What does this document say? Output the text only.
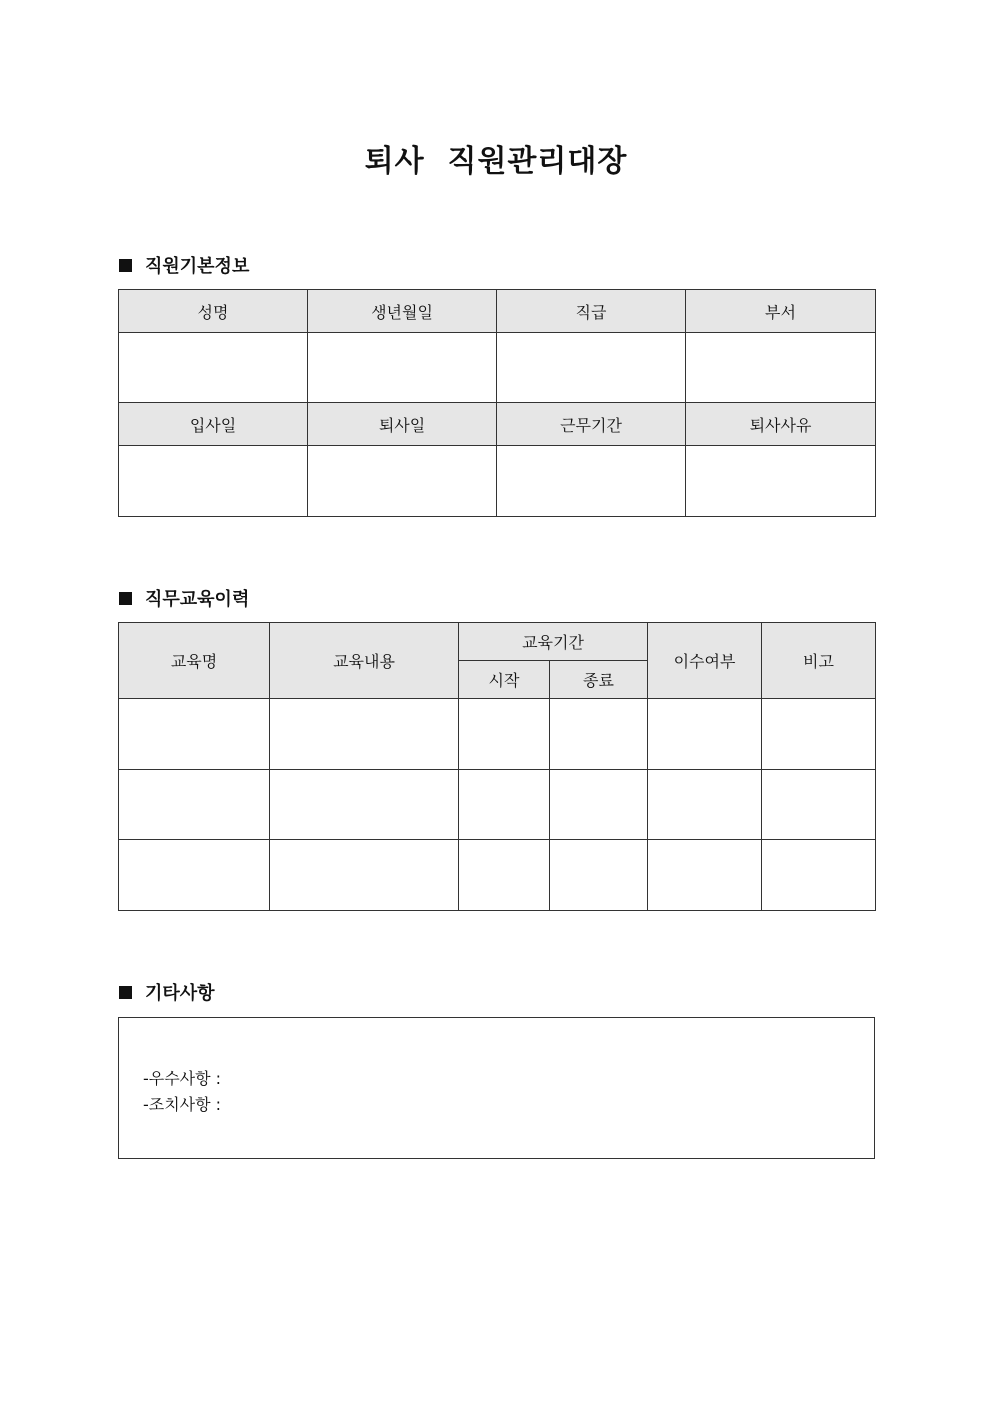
퇴사  직원관리대장
직원기본정보
성명	생년월일	직급	부서

입사일	퇴사일	근무기간	퇴사사유

직무교육이력
교육명	교육내용	교육기간		이수여부	비고
		시작	종료		

기타사항
-우수사항 :
-조치사항 :
